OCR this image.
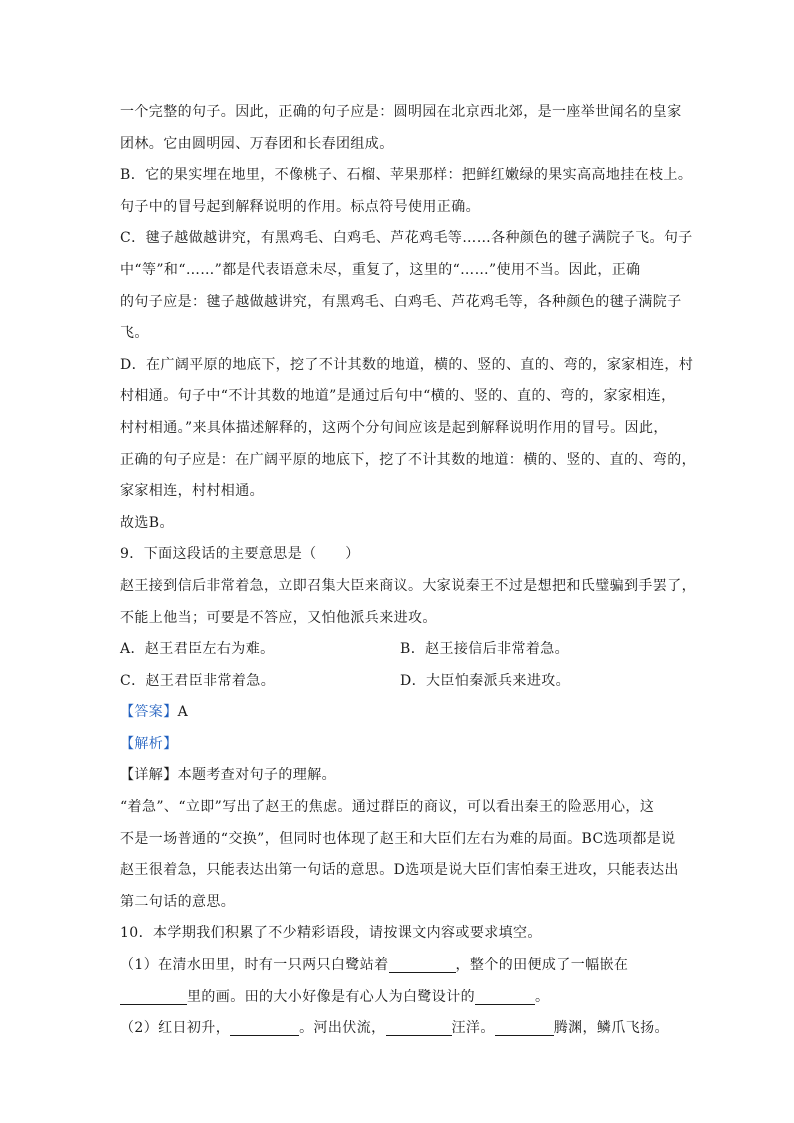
一个完整的句子。因此，正确的句子应是：圆明园在北京西北郊，是一座举世闻名的皇家
团林。它由圆明园、万春团和长春团组成。
B．它的果实埋在地里，不像桃子、石榴、苹果那样：把鲜红嫩绿的果实高高地挂在枝上。
句子中的冒号起到解释说明的作用。标点符号使用正确。
C．毽子越做越讲究，有黑鸡毛、白鸡毛、芦花鸡毛等……各种颜色的毽子满院子飞。句子
中“等”和“……”都是代表语意未尽，重复了，这里的“……”使用不当。因此，正确
的句子应是：毽子越做越讲究，有黑鸡毛、白鸡毛、芦花鸡毛等，各种颜色的毽子满院子
飞。
D．在广阔平原的地底下，挖了不计其数的地道，横的、竖的、直的、弯的，家家相连，村
村相通。句子中“不计其数的地道”是通过后句中“横的、竖的、直的、弯的，家家相连，
村村相通。”来具体描述解释的，这两个分句间应该是起到解释说明作用的冒号。因此，
正确的句子应是：在广阔平原的地底下，挖了不计其数的地道：横的、竖的、直的、弯的，
家家相连，村村相通。
故选B。
9．下面这段话的主要意思是（　　）
赵王接到信后非常着急，立即召集大臣来商议。大家说秦王不过是想把和氏璧骗到手罢了，
不能上他当；可要是不答应，又怕他派兵来进攻。
A．赵王君臣左右为难。	B．赵王接信后非常着急。
C．赵王君臣非常着急。	D．大臣怕秦派兵来进攻。
【答案】A
【解析】
【详解】本题考查对句子的理解。
“着急”、“立即”写出了赵王的焦虑。通过群臣的商议，可以看出秦王的险恶用心，这
不是一场普通的“交换”，但同时也体现了赵王和大臣们左右为难的局面。BC选项都是说
赵王很着急，只能表达出第一句话的意思。D选项是说大臣们害怕秦王进攻，只能表达出
第二句话的意思。
10．本学期我们积累了不少精彩语段，请按课文内容或要求填空。
（1）在清水田里，时有一只两只白鹭站着	，整个的田便成了一幅嵌在
里的画。田的大小好像是有心人为白鹭设计的	。
（2）红日初升，	。河出伏流，	汪洋。	腾渊，鳞爪飞扬。
